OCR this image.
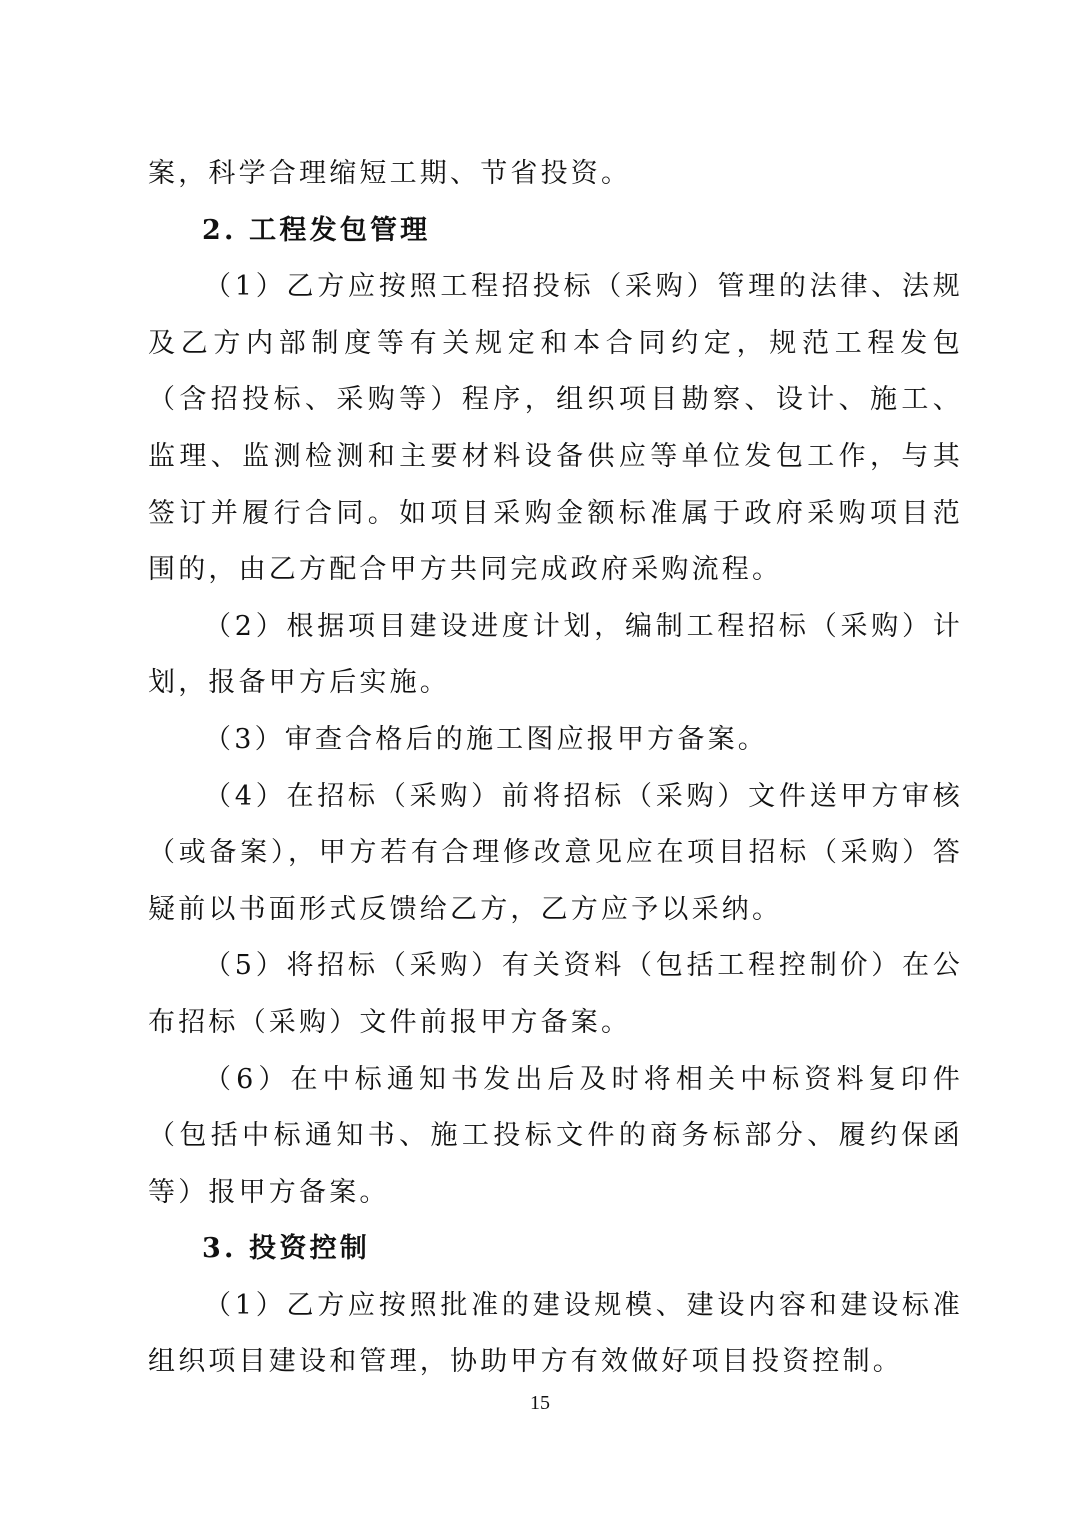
案，科学合理缩短工期、节省投资。

2. 工程发包管理

（1）乙方应按照工程招投标（采购）管理的法律、法规及乙方内部制度等有关规定和本合同约定，规范工程发包（含招投标、采购等）程序，组织项目勘察、设计、施工、监理、监测检测和主要材料设备供应等单位发包工作，与其签订并履行合同。如项目采购金额标准属于政府采购项目范围的，由乙方配合甲方共同完成政府采购流程。

（2）根据项目建设进度计划，编制工程招标（采购）计划，报备甲方后实施。

（3）审查合格后的施工图应报甲方备案。

（4）在招标（采购）前将招标（采购）文件送甲方审核（或备案），甲方若有合理修改意见应在项目招标（采购）答疑前以书面形式反馈给乙方，乙方应予以采纳。

（5）将招标（采购）有关资料（包括工程控制价）在公布招标（采购）文件前报甲方备案。

（6）在中标通知书发出后及时将相关中标资料复印件（包括中标通知书、施工投标文件的商务标部分、履约保函等）报甲方备案。

3. 投资控制

（1）乙方应按照批准的建设规模、建设内容和建设标准组织项目建设和管理，协助甲方有效做好项目投资控制。

15
